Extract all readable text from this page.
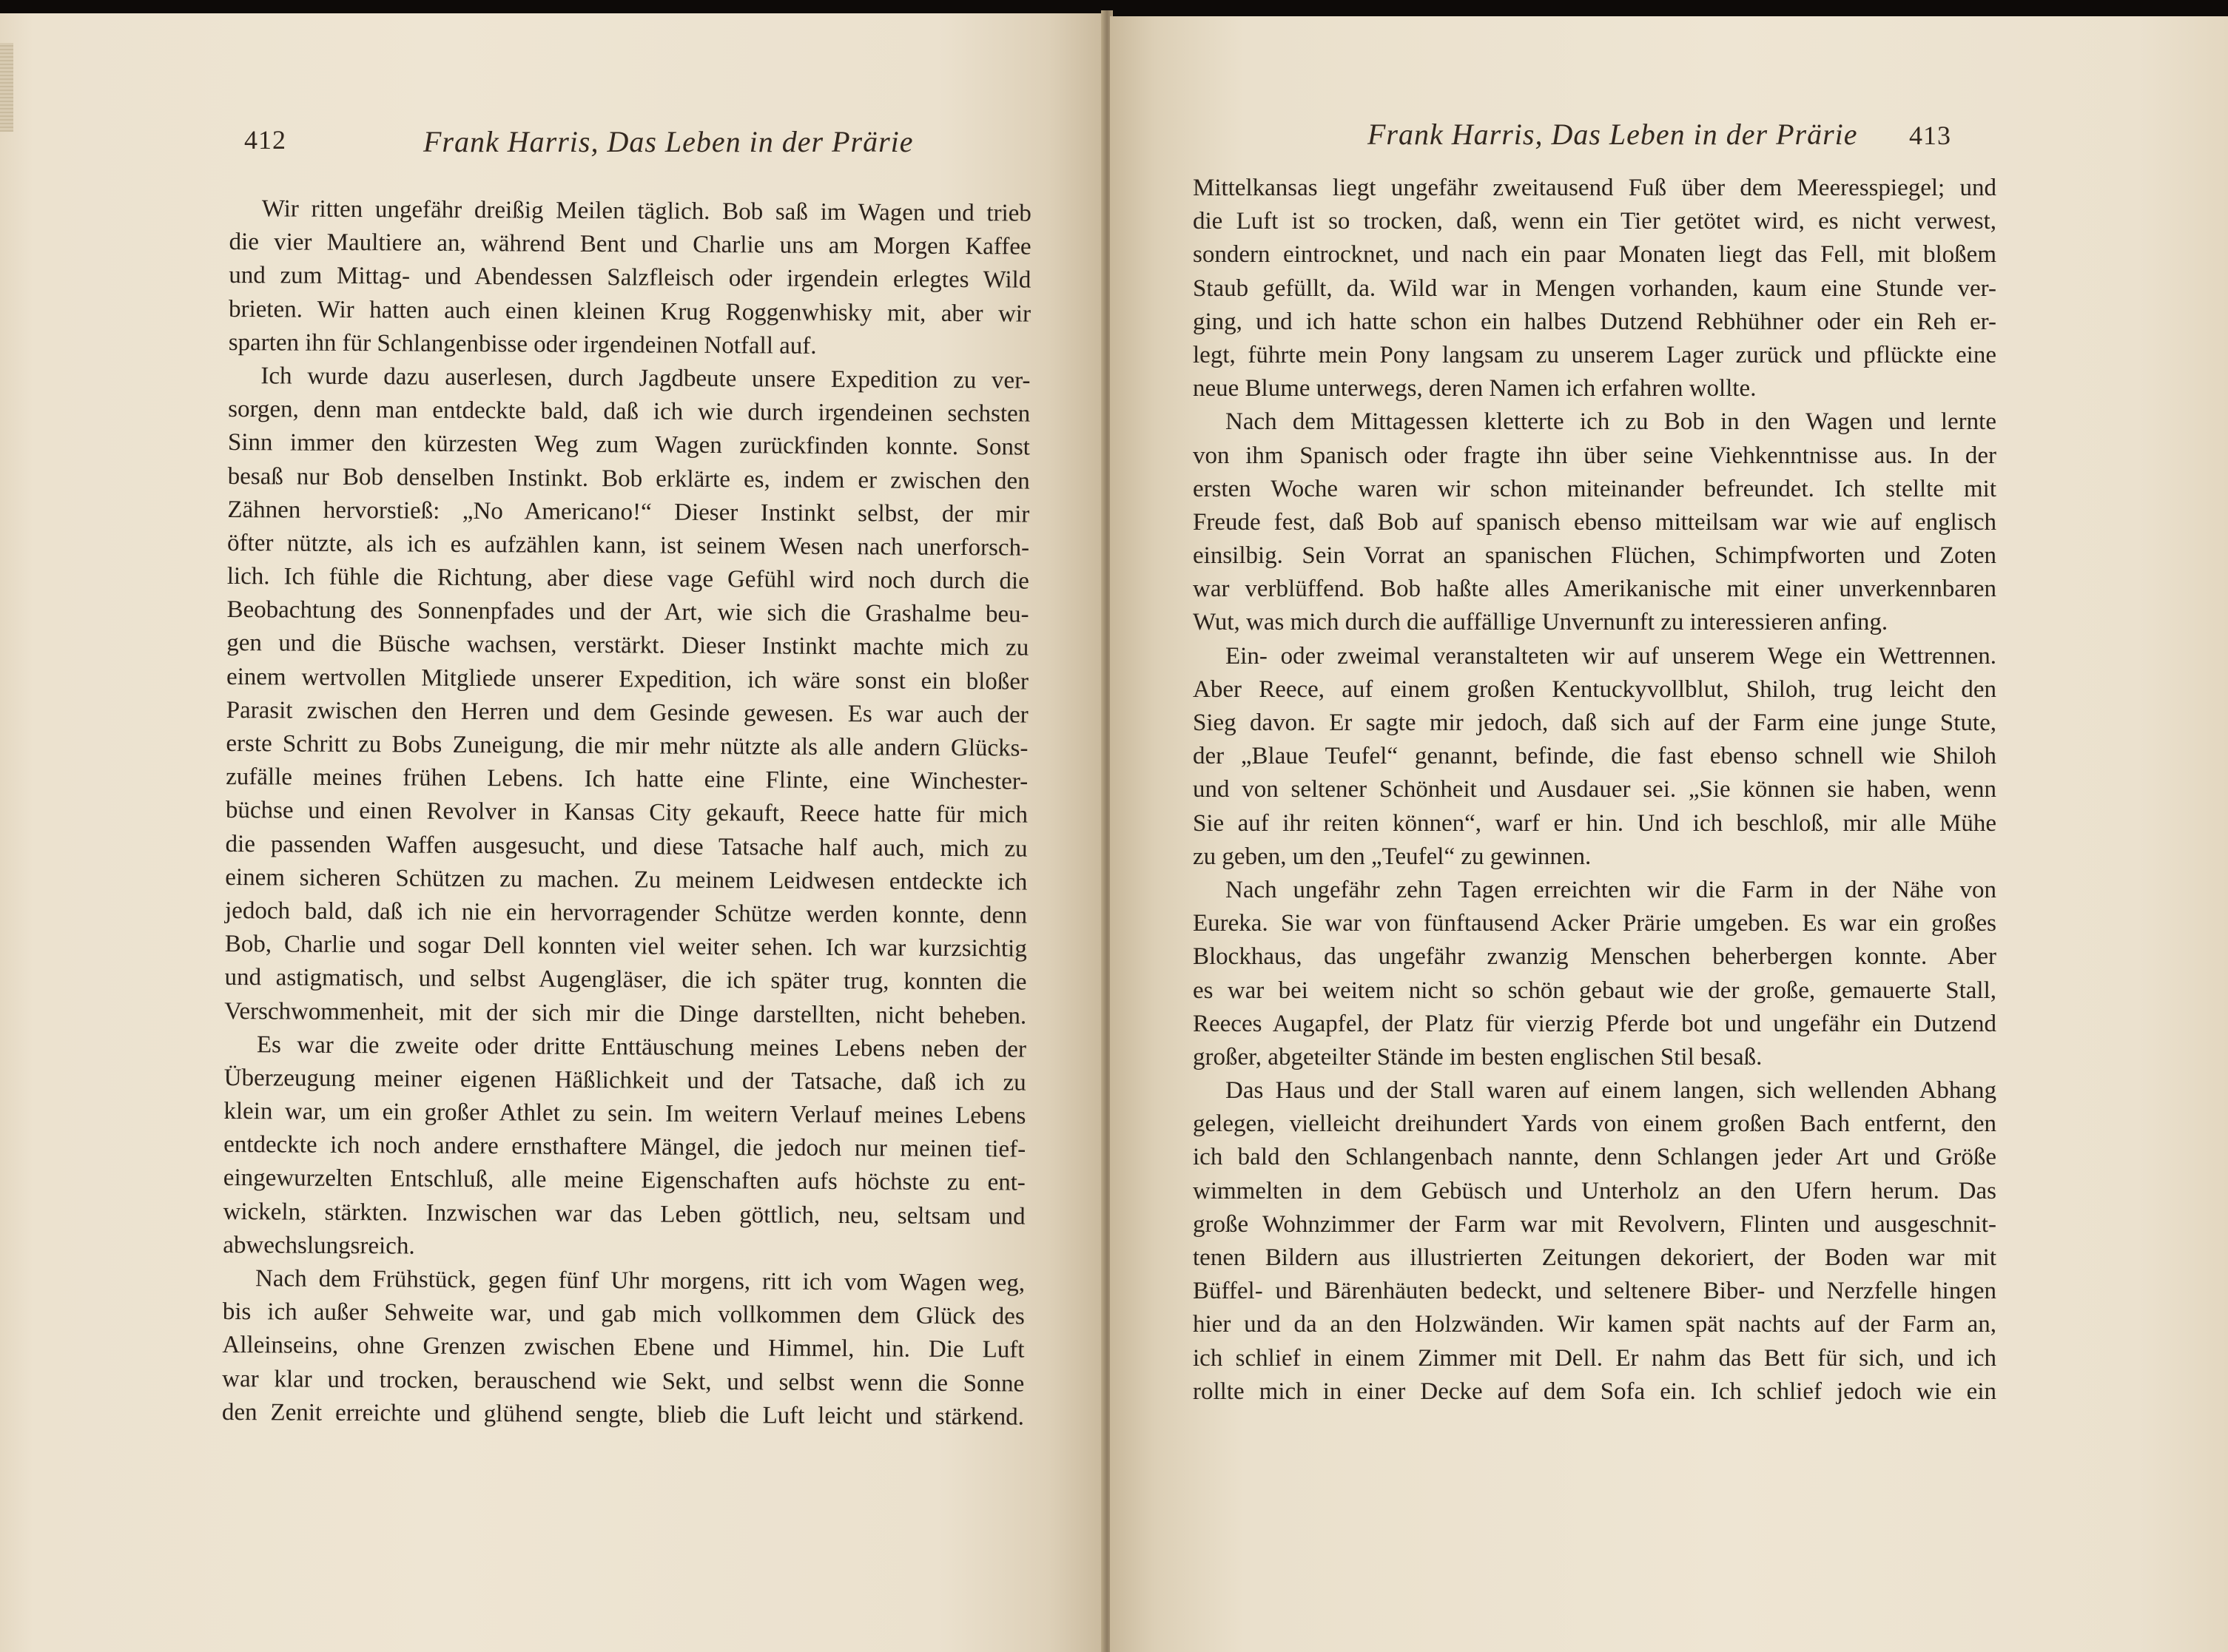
412	Frank Harris, Das Leben in der Prärie
Wir ritten ungefähr dreißig Meilen täglich. Bob saß im Wagen und trieb
die vier Maultiere an, während Bent und Charlie uns am Morgen Kaffee
und zum Mittag- und Abendessen Salzfleisch oder irgendein erlegtes Wild
brieten. Wir hatten auch einen kleinen Krug Roggenwhisky mit, aber wir
sparten ihn für Schlangenbisse oder irgendeinen Notfall auf.
Ich wurde dazu auserlesen, durch Jagdbeute unsere Expedition zu ver-
sorgen, denn man entdeckte bald, daß ich wie durch irgendeinen sechsten
Sinn immer den kürzesten Weg zum Wagen zurückfinden konnte. Sonst
besaß nur Bob denselben Instinkt. Bob erklärte es, indem er zwischen den
Zähnen hervorstieß: „No Americano!“ Dieser Instinkt selbst, der mir
öfter nützte, als ich es aufzählen kann, ist seinem Wesen nach unerforsch-
lich. Ich fühle die Richtung, aber diese vage Gefühl wird noch durch die
Beobachtung des Sonnenpfades und der Art, wie sich die Grashalme beu-
gen und die Büsche wachsen, verstärkt. Dieser Instinkt machte mich zu
einem wertvollen Mitgliede unserer Expedition, ich wäre sonst ein bloßer
Parasit zwischen den Herren und dem Gesinde gewesen. Es war auch der
erste Schritt zu Bobs Zuneigung, die mir mehr nützte als alle andern Glücks-
zufälle meines frühen Lebens. Ich hatte eine Flinte, eine Winchester-
büchse und einen Revolver in Kansas City gekauft, Reece hatte für mich
die passenden Waffen ausgesucht, und diese Tatsache half auch, mich zu
einem sicheren Schützen zu machen. Zu meinem Leidwesen entdeckte ich
jedoch bald, daß ich nie ein hervorragender Schütze werden konnte, denn
Bob, Charlie und sogar Dell konnten viel weiter sehen. Ich war kurzsichtig
und astigmatisch, und selbst Augengläser, die ich später trug, konnten die
Verschwommenheit, mit der sich mir die Dinge darstellten, nicht beheben.
Es war die zweite oder dritte Enttäuschung meines Lebens neben der
Überzeugung meiner eigenen Häßlichkeit und der Tatsache, daß ich zu
klein war, um ein großer Athlet zu sein. Im weitern Verlauf meines Lebens
entdeckte ich noch andere ernsthaftere Mängel, die jedoch nur meinen tief-
eingewurzelten Entschluß, alle meine Eigenschaften aufs höchste zu ent-
wickeln, stärkten. Inzwischen war das Leben göttlich, neu, seltsam und
abwechslungsreich.
Nach dem Frühstück, gegen fünf Uhr morgens, ritt ich vom Wagen weg,
bis ich außer Sehweite war, und gab mich vollkommen dem Glück des
Alleinseins, ohne Grenzen zwischen Ebene und Himmel, hin. Die Luft
war klar und trocken, berauschend wie Sekt, und selbst wenn die Sonne
den Zenit erreichte und glühend sengte, blieb die Luft leicht und stärkend.
Frank Harris, Das Leben in der Prärie 413
Mittelkansas liegt ungefähr zweitausend Fuß über dem Meeresspiegel; und
die Luft ist so trocken, daß, wenn ein Tier getötet wird, es nicht verwest,
sondern eintrocknet, und nach ein paar Monaten liegt das Fell, mit bloßem
Staub gefüllt, da. Wild war in Mengen vorhanden, kaum eine Stunde ver-
ging, und ich hatte schon ein halbes Dutzend Rebhühner oder ein Reh er-
legt, führte mein Pony langsam zu unserem Lager zurück und pflückte eine
neue Blume unterwegs, deren Namen ich erfahren wollte.
Nach dem Mittagessen kletterte ich zu Bob in den Wagen und lernte
von ihm Spanisch oder fragte ihn über seine Viehkenntnisse aus. In der
ersten Woche waren wir schon miteinander befreundet. Ich stellte mit
Freude fest, daß Bob auf spanisch ebenso mitteilsam war wie auf englisch
einsilbig. Sein Vorrat an spanischen Flüchen, Schimpfworten und Zoten
war verblüffend. Bob haßte alles Amerikanische mit einer unverkennbaren
Wut, was mich durch die auffällige Unvernunft zu interessieren anfing.
Ein- oder zweimal veranstalteten wir auf unserem Wege ein Wettrennen.
Aber Reece, auf einem großen Kentuckyvollblut, Shiloh, trug leicht den
Sieg davon. Er sagte mir jedoch, daß sich auf der Farm eine junge Stute,
der „Blaue Teufel“ genannt, befinde, die fast ebenso schnell wie Shiloh
und von seltener Schönheit und Ausdauer sei. „Sie können sie haben, wenn
Sie auf ihr reiten können“, warf er hin. Und ich beschloß, mir alle Mühe
zu geben, um den „Teufel“ zu gewinnen.
Nach ungefähr zehn Tagen erreichten wir die Farm in der Nähe von
Eureka. Sie war von fünftausend Acker Prärie umgeben. Es war ein großes
Blockhaus, das ungefähr zwanzig Menschen beherbergen konnte. Aber
es war bei weitem nicht so schön gebaut wie der große, gemauerte Stall,
Reeces Augapfel, der Platz für vierzig Pferde bot und ungefähr ein Dutzend
großer, abgeteilter Stände im besten englischen Stil besaß.
Das Haus und der Stall waren auf einem langen, sich wellenden Abhang
gelegen, vielleicht dreihundert Yards von einem großen Bach entfernt, den
ich bald den Schlangenbach nannte, denn Schlangen jeder Art und Größe
wimmelten in dem Gebüsch und Unterholz an den Ufern herum. Das
große Wohnzimmer der Farm war mit Revolvern, Flinten und ausgeschnit-
tenen Bildern aus illustrierten Zeitungen dekoriert, der Boden war mit
Büffel- und Bärenhäuten bedeckt, und seltenere Biber- und Nerzfelle hingen
hier und da an den Holzwänden. Wir kamen spät nachts auf der Farm an,
ich schlief in einem Zimmer mit Dell. Er nahm das Bett für sich, und ich
rollte mich in einer Decke auf dem Sofa ein. Ich schlief jedoch wie ein
